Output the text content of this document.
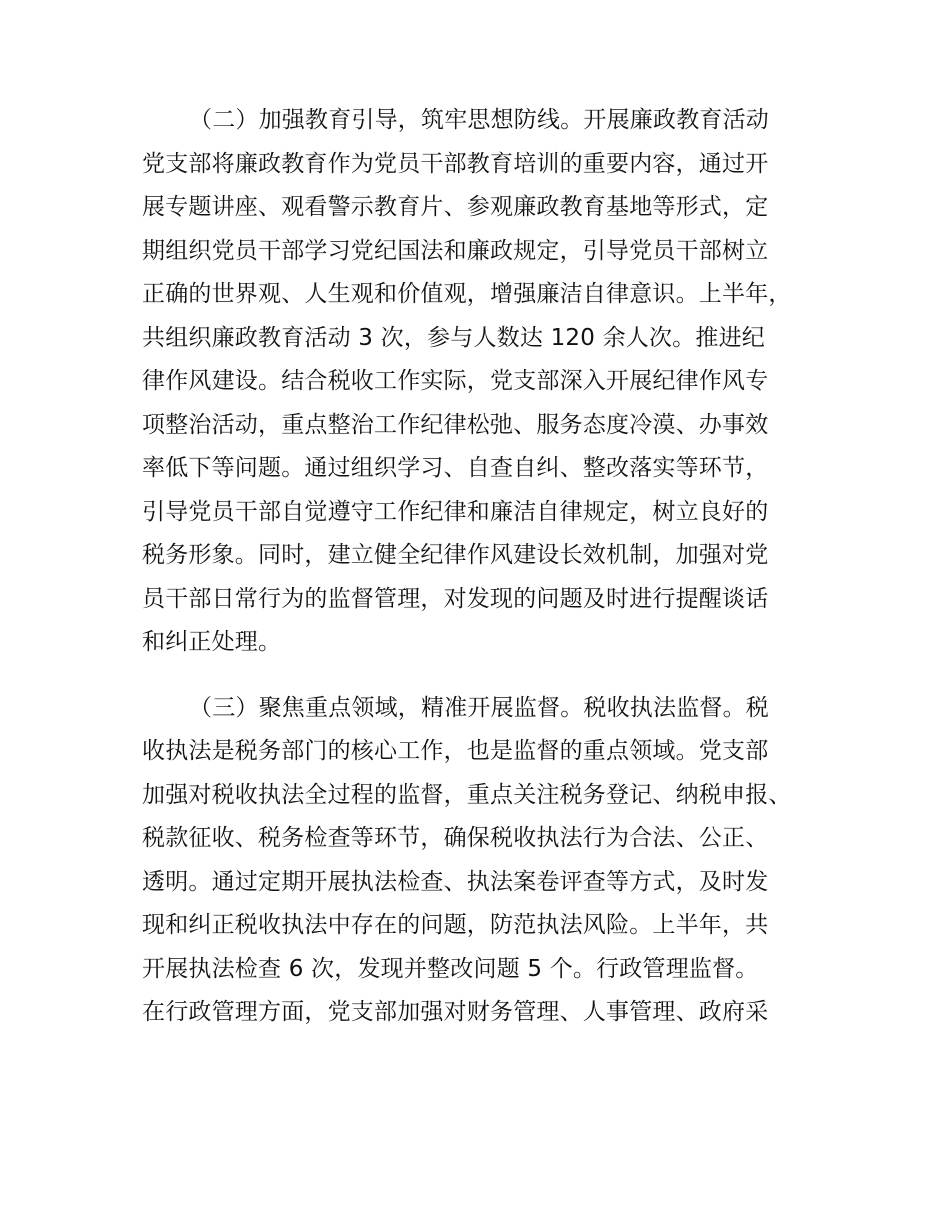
（二）加强教育引导，筑牢思想防线。开展廉政教育活动
党支部将廉政教育作为党员干部教育培训的重要内容，通过开
展专题讲座、观看警示教育片、参观廉政教育基地等形式，定
期组织党员干部学习党纪国法和廉政规定，引导党员干部树立
正确的世界观、人生观和价值观，增强廉洁自律意识。上半年，
共组织廉政教育活动 3 次，参与人数达 120 余人次。推进纪
律作风建设。结合税收工作实际，党支部深入开展纪律作风专
项整治活动，重点整治工作纪律松弛、服务态度冷漠、办事效
率低下等问题。通过组织学习、自查自纠、整改落实等环节，
引导党员干部自觉遵守工作纪律和廉洁自律规定，树立良好的
税务形象。同时，建立健全纪律作风建设长效机制，加强对党
员干部日常行为的监督管理，对发现的问题及时进行提醒谈话
和纠正处理。
（三）聚焦重点领域，精准开展监督。税收执法监督。税
收执法是税务部门的核心工作，也是监督的重点领域。党支部
加强对税收执法全过程的监督，重点关注税务登记、纳税申报、
税款征收、税务检查等环节，确保税收执法行为合法、公正、
透明。通过定期开展执法检查、执法案卷评查等方式，及时发
现和纠正税收执法中存在的问题，防范执法风险。上半年，共
开展执法检查 6 次，发现并整改问题 5 个。行政管理监督。
在行政管理方面，党支部加强对财务管理、人事管理、政府采
